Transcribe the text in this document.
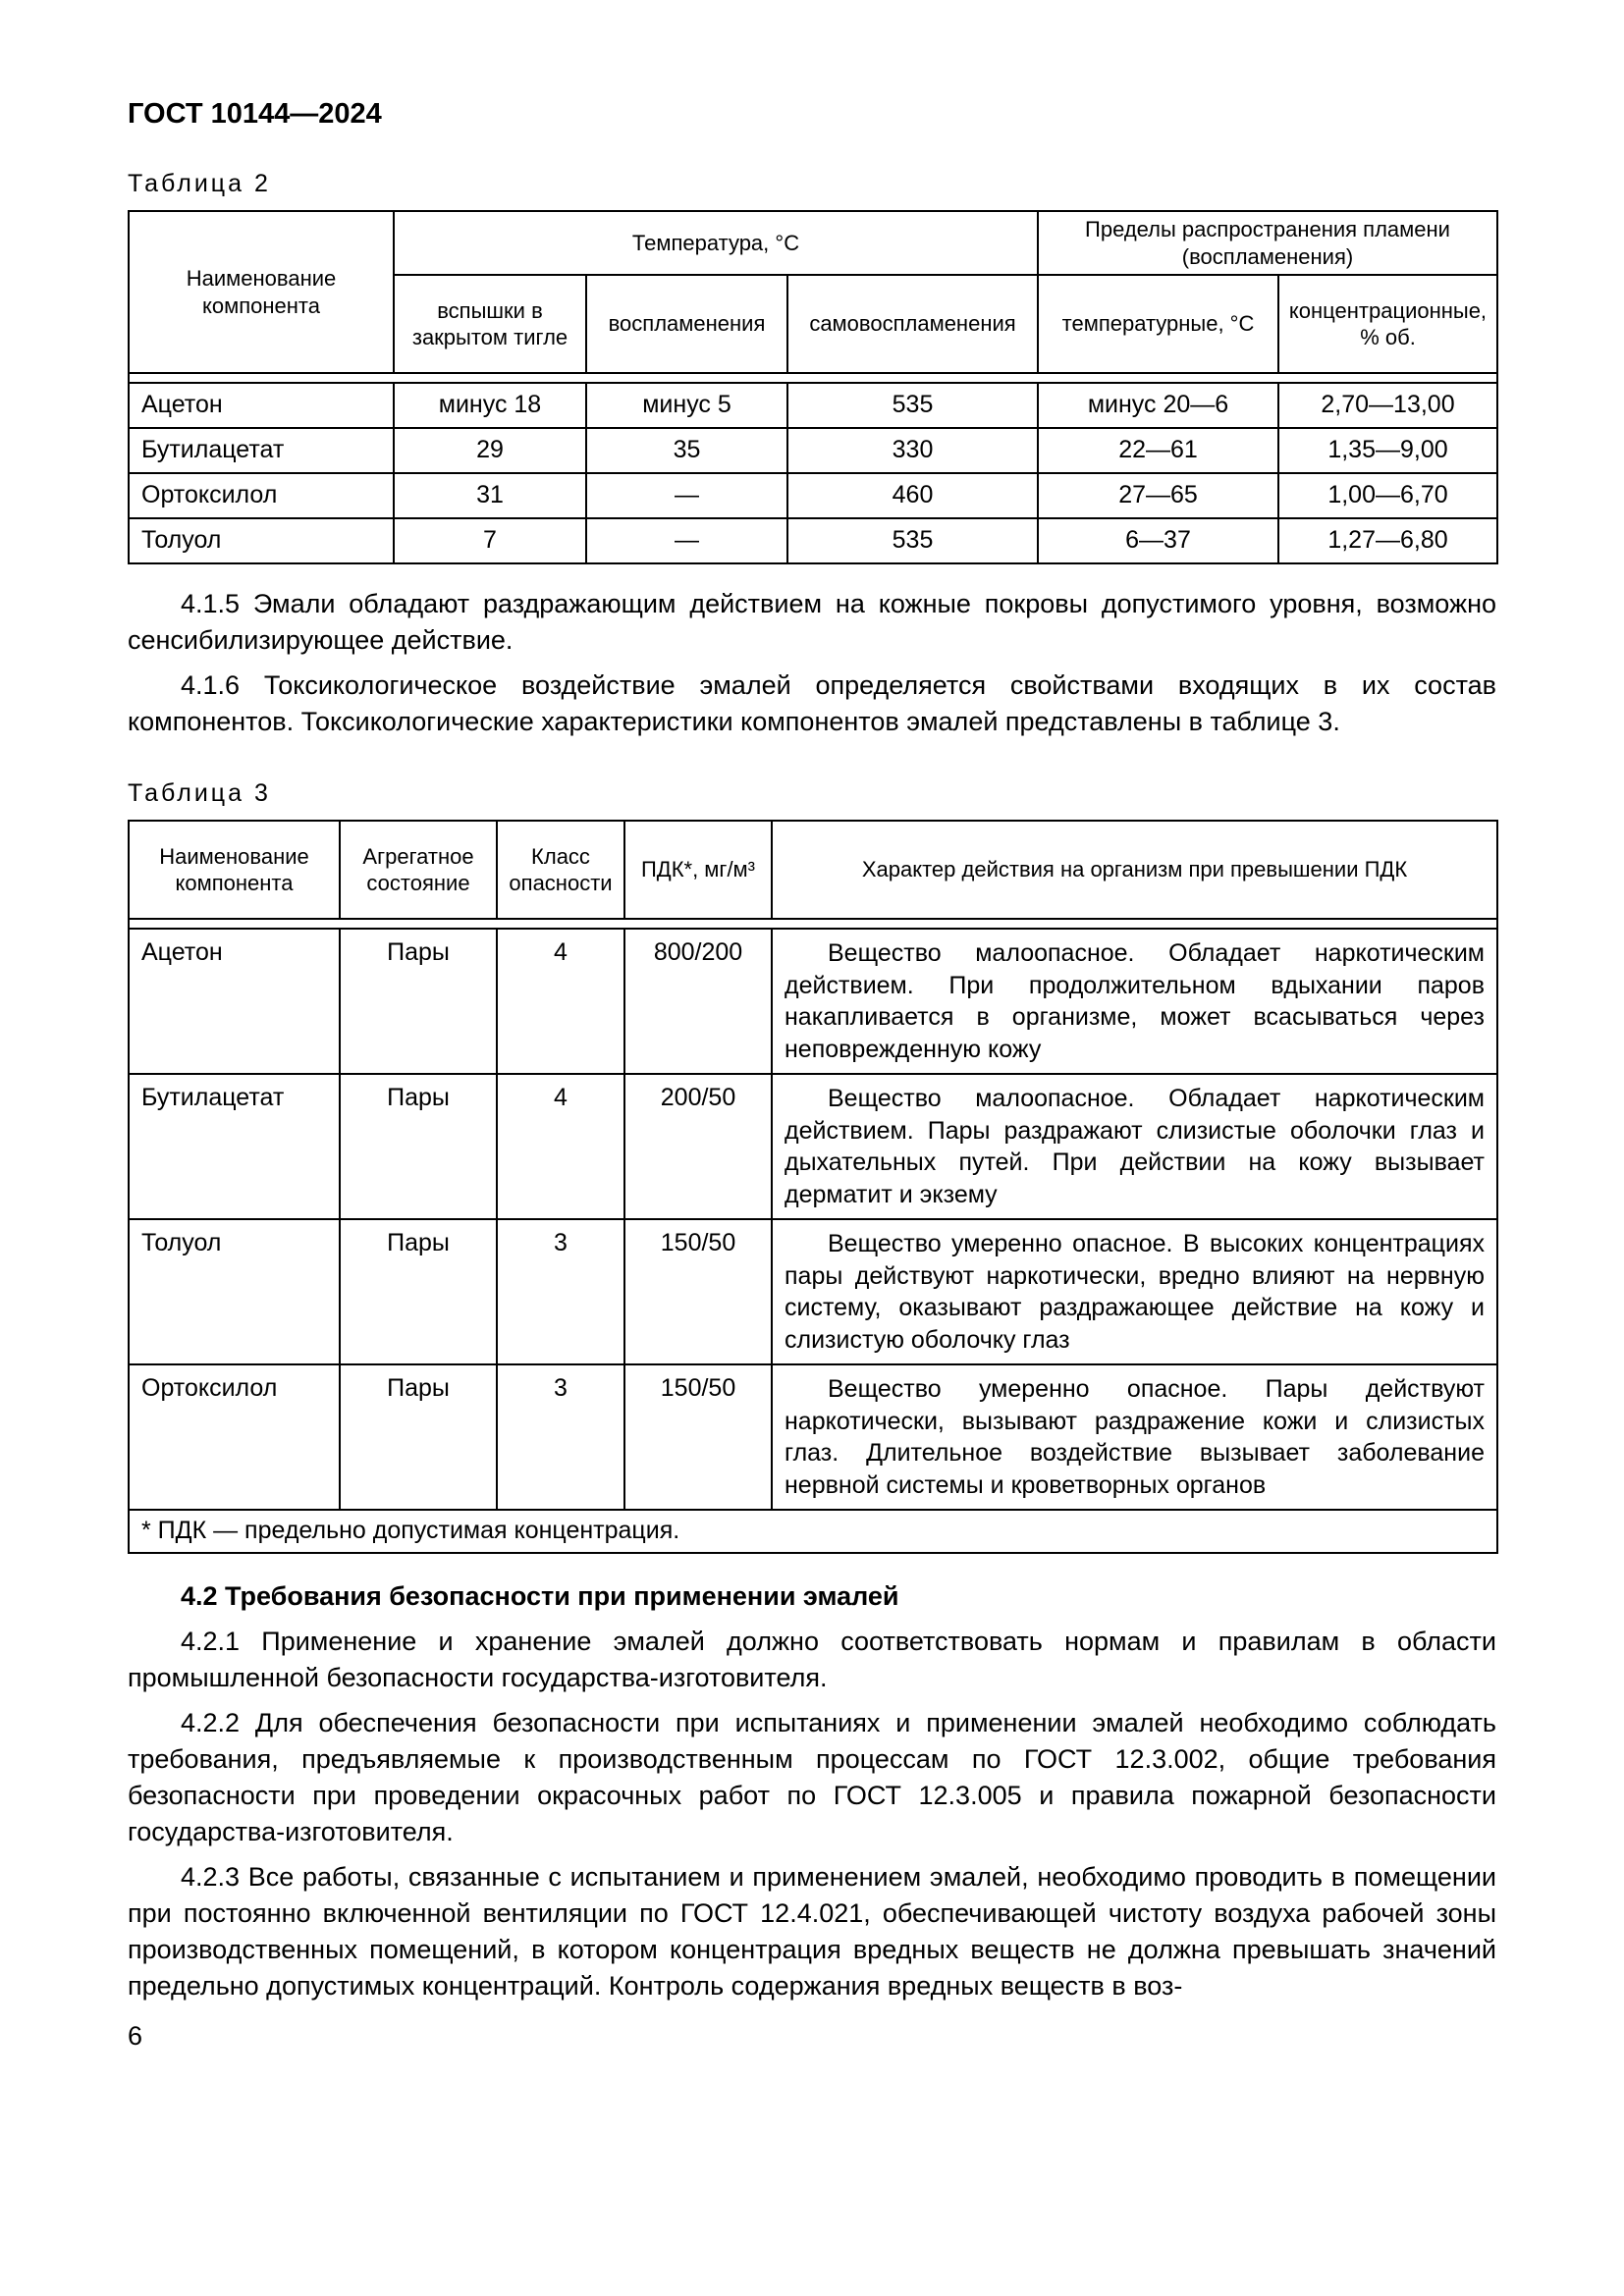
ГОСТ 10144—2024
Таблица 2
Наименование компонента	Температура, °С			Пределы распространения пламени (воспламенения)	
	вспышки в закрытом тигле	воспламенения	самовоспламенения	температурные, °С	концентрационные, % об.

Ацетон	минус 18	минус 5	535	минус 20—6	2,70—13,00
Бутилацетат	29	35	330	22—61	1,35—9,00
Ортоксилол	31	—	460	27—65	1,00—6,70
Толуол	7	—	535	6—37	1,27—6,80

4.1.5 Эмали обладают раздражающим действием на кожные покровы допустимого уровня, возможно сенсибилизирующее действие.

4.1.6 Токсикологическое воздействие эмалей определяется свойствами входящих в их состав компонентов. Токсикологические характеристики компонентов эмалей представлены в таблице 3.

Таблица 3
Наименование компонента	Агрегатное состояние	Класс опасности	ПДК*, мг/м³	Характер действия на организм при превышении ПДК

Ацетон	Пары	4	800/200	Вещество малоопасное. Обладает наркотическим действием. При продолжительном вдыхании паров накапливается в организме, может всасываться через неповрежденную кожу
Бутилацетат	Пары	4	200/50	Вещество малоопасное. Обладает наркотическим действием. Пары раздражают слизистые оболочки глаз и дыхательных путей. При действии на кожу вызывает дерматит и экзему
Толуол	Пары	3	150/50	Вещество умеренно опасное. В высоких концентрациях пары действуют наркотически, вредно влияют на нервную систему, оказывают раздражающее действие на кожу и слизистую оболочку глаз
Ортоксилол	Пары	3	150/50	Вещество умеренно опасное. Пары действуют наркотически, вызывают раздражение кожи и слизистых глаз. Длительное воздействие вызывает заболевание нервной системы и кроветворных органов
* ПДК — предельно допустимая концентрация.				
4.2 Требования безопасности при применении эмалей

4.2.1 Применение и хранение эмалей должно соответствовать нормам и правилам в области промышленной безопасности государства-изготовителя.

4.2.2 Для обеспечения безопасности при испытаниях и применении эмалей необходимо соблюдать требования, предъявляемые к производственным процессам по ГОСТ 12.3.002, общие требования безопасности при проведении окрасочных работ по ГОСТ 12.3.005 и правила пожарной безопасности государства-изготовителя.

4.2.3 Все работы, связанные с испытанием и применением эмалей, необходимо проводить в помещении при постоянно включенной вентиляции по ГОСТ 12.4.021, обеспечивающей чистоту воздуха рабочей зоны производственных помещений, в котором концентрация вредных веществ не должна превышать значений предельно допустимых концентраций. Контроль содержания вредных веществ в воз-

6
